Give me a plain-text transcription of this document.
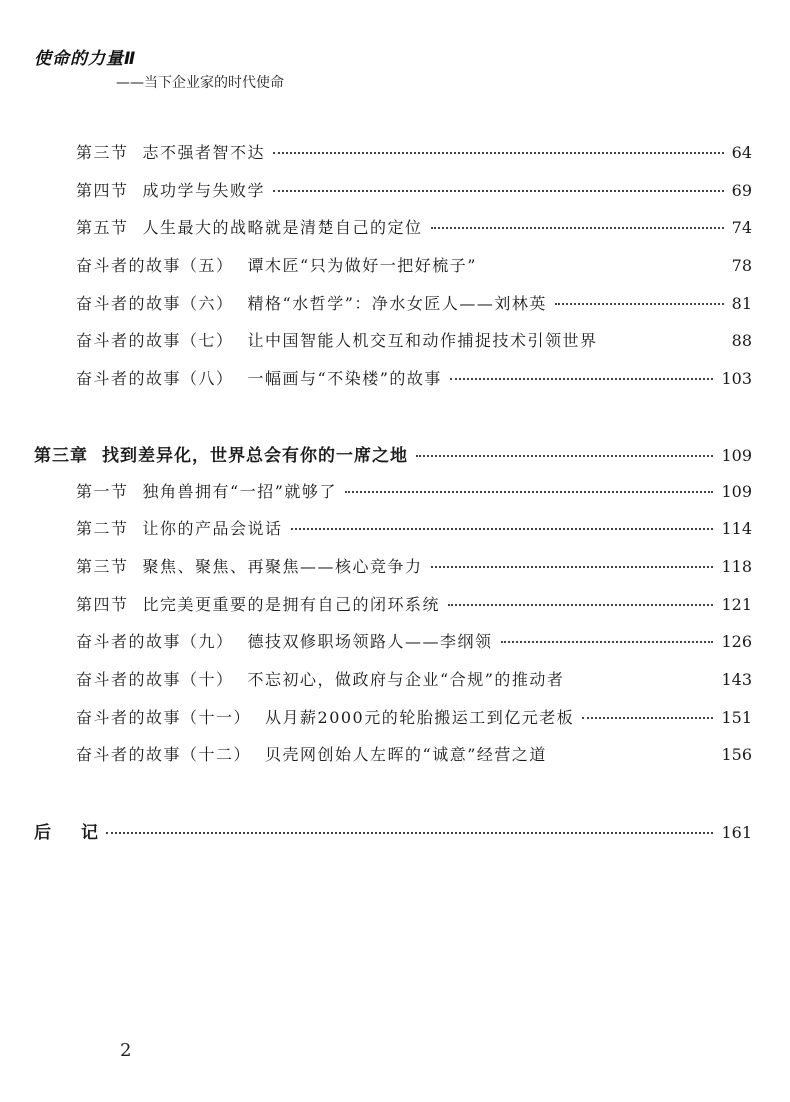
使命的力量Ⅱ
——当下企业家的时代使命
第三节 志不强者智不达	64
第四节 成功学与失败学	69
第五节 人生最大的战略就是清楚自己的定位	74
奋斗者的故事（五） 谭木匠“只为做好一把好梳子”	78
奋斗者的故事（六） 精格“水哲学”：净水女匠人——刘林英	81
奋斗者的故事（七） 让中国智能人机交互和动作捕捉技术引领世界	88
奋斗者的故事（八） 一幅画与“不染楼”的故事	103
第三章 找到差异化，世界总会有你的一席之地	109
第一节 独角兽拥有“一招”就够了	109
第二节 让你的产品会说话	114
第三节 聚焦、聚焦、再聚焦——核心竞争力	118
第四节 比完美更重要的是拥有自己的闭环系统	121
奋斗者的故事（九） 德技双修职场领路人——李纲领	126
奋斗者的故事（十） 不忘初心，做政府与企业“合规”的推动者	143
奋斗者的故事（十一） 从月薪2000元的轮胎搬运工到亿元老板	151
奋斗者的故事（十二） 贝壳网创始人左晖的“诚意”经营之道	156
后 记	161
2
